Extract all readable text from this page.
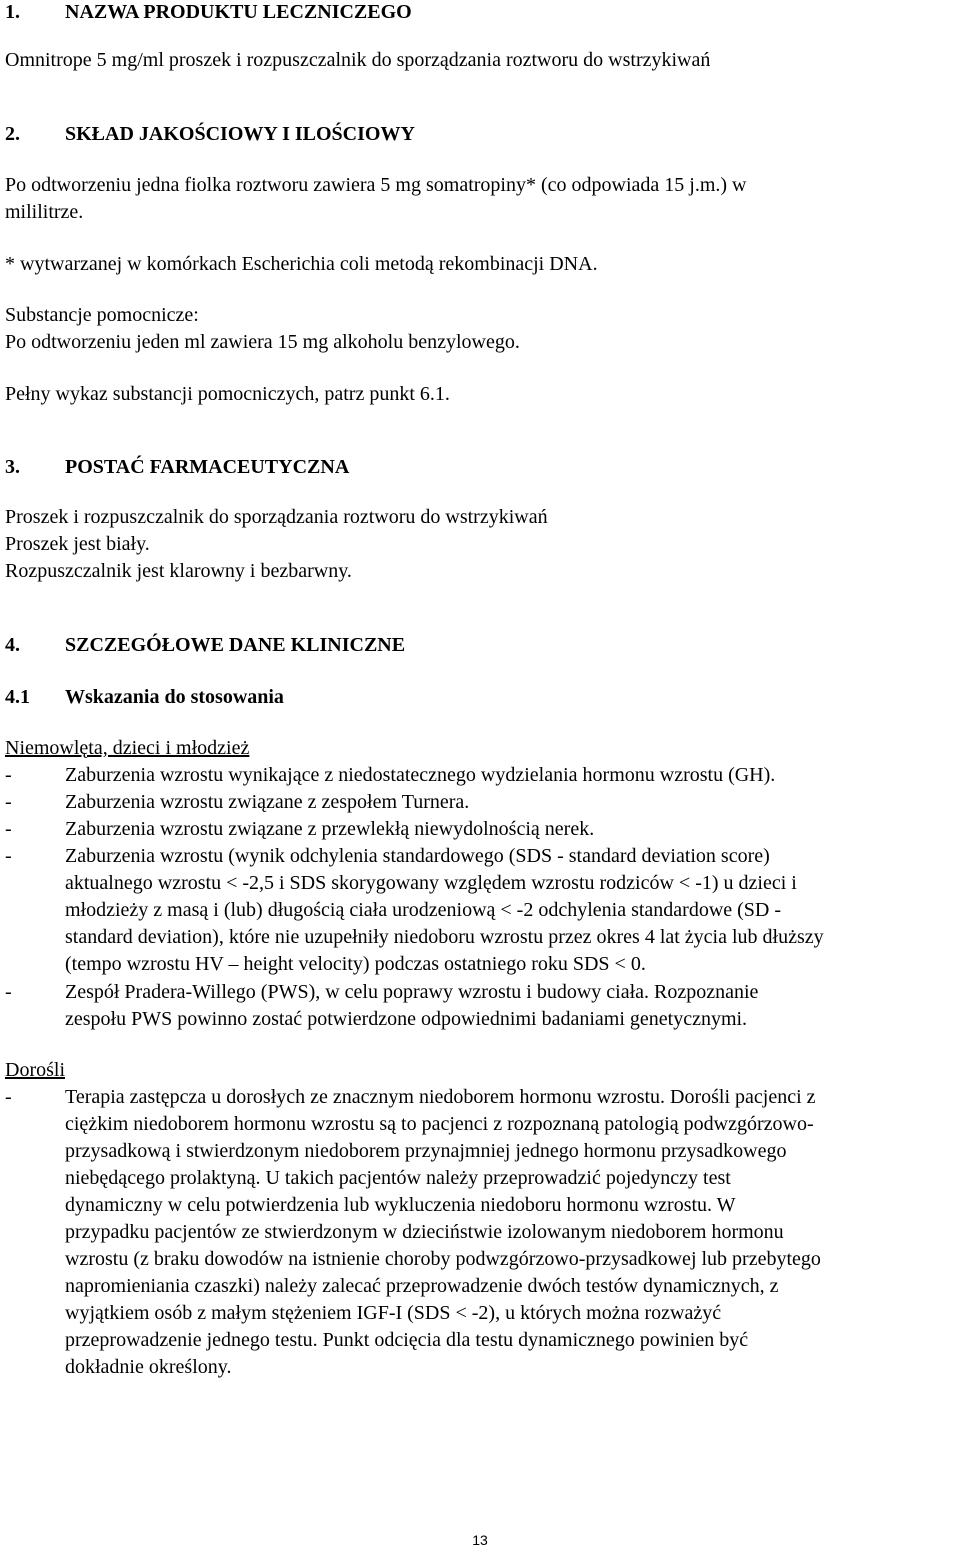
1. NAZWA PRODUKTU LECZNICZEGO
Omnitrope 5 mg/ml proszek i rozpuszczalnik do sporządzania roztworu do wstrzykiwań
2. SKŁAD JAKOŚCIOWY I ILOŚCIOWY
Po odtworzeniu jedna fiolka roztworu zawiera 5 mg somatropiny* (co odpowiada 15 j.m.) w
mililitrze.
* wytwarzanej w komórkach Escherichia coli metodą rekombinacji DNA.
Substancje pomocnicze:
Po odtworzeniu jeden ml zawiera 15 mg alkoholu benzylowego.
Pełny wykaz substancji pomocniczych, patrz punkt 6.1.
3. POSTAĆ FARMACEUTYCZNA
Proszek i rozpuszczalnik do sporządzania roztworu do wstrzykiwań
Proszek jest biały.
Rozpuszczalnik jest klarowny i bezbarwny.
4. SZCZEGÓŁOWE DANE KLINICZNE
4.1 Wskazania do stosowania
Niemowlęta, dzieci i młodzież
-	Zaburzenia wzrostu wynikające z niedostatecznego wydzielania hormonu wzrostu (GH).
-	Zaburzenia wzrostu związane z zespołem Turnera.
-	Zaburzenia wzrostu związane z przewlekłą niewydolnością nerek.
-	Zaburzenia wzrostu (wynik odchylenia standardowego (SDS - standard deviation score)
aktualnego wzrostu < -2,5 i SDS skorygowany względem wzrostu rodziców < -1) u dzieci i
młodzieży z masą i (lub) długością ciała urodzeniową < -2 odchylenia standardowe (SD -
standard deviation), które nie uzupełniły niedoboru wzrostu przez okres 4 lat życia lub dłuższy
(tempo wzrostu HV – height velocity) podczas ostatniego roku SDS < 0.
-	Zespół Pradera-Willego (PWS), w celu poprawy wzrostu i budowy ciała. Rozpoznanie
zespołu PWS powinno zostać potwierdzone odpowiednimi badaniami genetycznymi.
Dorośli
-	Terapia zastępcza u dorosłych ze znacznym niedoborem hormonu wzrostu. Dorośli pacjenci z
ciężkim niedoborem hormonu wzrostu są to pacjenci z rozpoznaną patologią podwzgórzowo-
przysadkową i stwierdzonym niedoborem przynajmniej jednego hormonu przysadkowego
niebędącego prolaktyną. U takich pacjentów należy przeprowadzić pojedynczy test
dynamiczny w celu potwierdzenia lub wykluczenia niedoboru hormonu wzrostu. W
przypadku pacjentów ze stwierdzonym w dzieciństwie izolowanym niedoborem hormonu
wzrostu (z braku dowodów na istnienie choroby podwzgórzowo-przysadkowej lub przebytego
napromieniania czaszki) należy zalecać przeprowadzenie dwóch testów dynamicznych, z
wyjątkiem osób z małym stężeniem IGF-I (SDS < -2), u których można rozważyć
przeprowadzenie jednego testu. Punkt odcięcia dla testu dynamicznego powinien być
dokładnie określony.
13
